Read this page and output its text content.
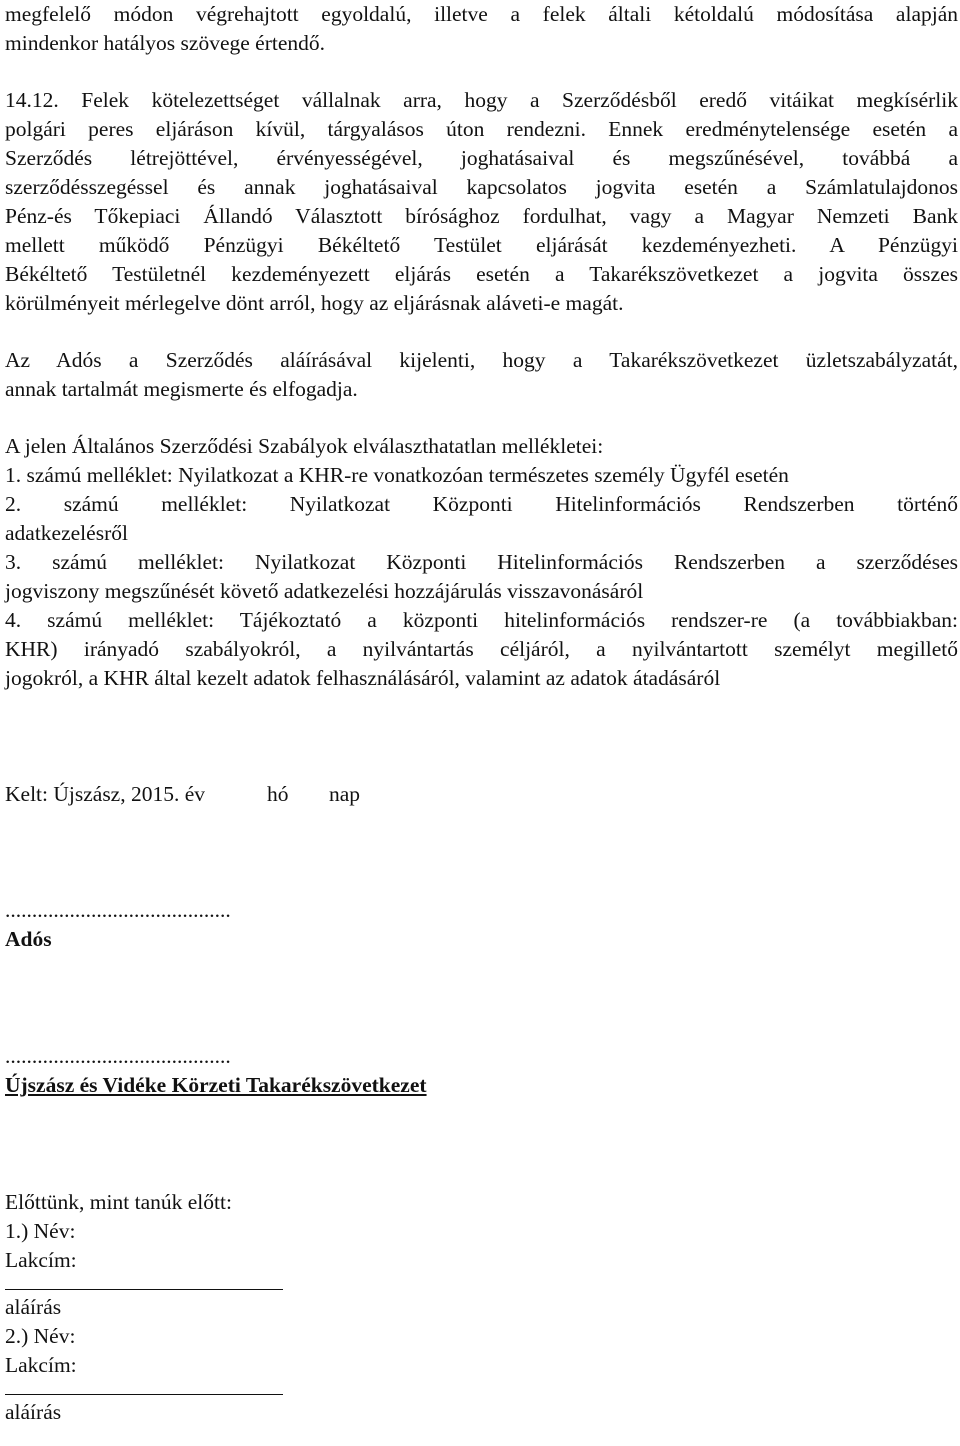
megfelelő módon végrehajtott egyoldalú, illetve a felek általi kétoldalú módosítása alapján
mindenkor hatályos szövege értendő.
14.12. Felek kötelezettséget vállalnak arra, hogy a Szerződésből eredő vitáikat megkísérlik
polgári peres eljáráson kívül, tárgyalásos úton rendezni. Ennek eredménytelensége esetén a
Szerződés létrejöttével, érvényességével, joghatásaival és megszűnésével, továbbá a
szerződésszegéssel és annak joghatásaival kapcsolatos jogvita esetén a Számlatulajdonos
Pénz-és Tőkepiaci Állandó Választott bírósághoz fordulhat, vagy a Magyar Nemzeti Bank
mellett működő Pénzügyi Békéltető Testület eljárását kezdeményezheti. A Pénzügyi
Békéltető Testületnél kezdeményezett eljárás esetén a Takarékszövetkezet a jogvita összes
körülményeit mérlegelve dönt arról, hogy az eljárásnak aláveti-e magát.
Az Adós a Szerződés aláírásával kijelenti, hogy a Takarékszövetkezet üzletszabályzatát,
annak tartalmát megismerte és elfogadja.
A jelen Általános Szerződési Szabályok elválaszthatatlan mellékletei:
1. számú melléklet: Nyilatkozat a KHR-re vonatkozóan természetes személy Ügyfél esetén
2. számú melléklet: Nyilatkozat Központi Hitelinformációs Rendszerben történő
adatkezelésről
3. számú melléklet: Nyilatkozat Központi Hitelinformációs Rendszerben a szerződéses
jogviszony megszűnését követő adatkezelési hozzájárulás visszavonásáról
4. számú melléklet: Tájékoztató a központi hitelinformációs rendszer-re (a továbbiakban:
KHR) irányadó szabályokról, a nyilvántartás céljáról, a nyilvántartott személyt megillető
jogokról, a KHR által kezelt adatok felhasználásáról, valamint az adatok átadásáról
Kelt: Újszász, 2015. év	hó nap
..........................................
Adós
..........................................
Újszász és Vidéke Körzeti Takarékszövetkezet
Előttünk, mint tanúk előtt:
1.) Név:
Lakcím:
aláírás
2.) Név:
Lakcím:
aláírás
